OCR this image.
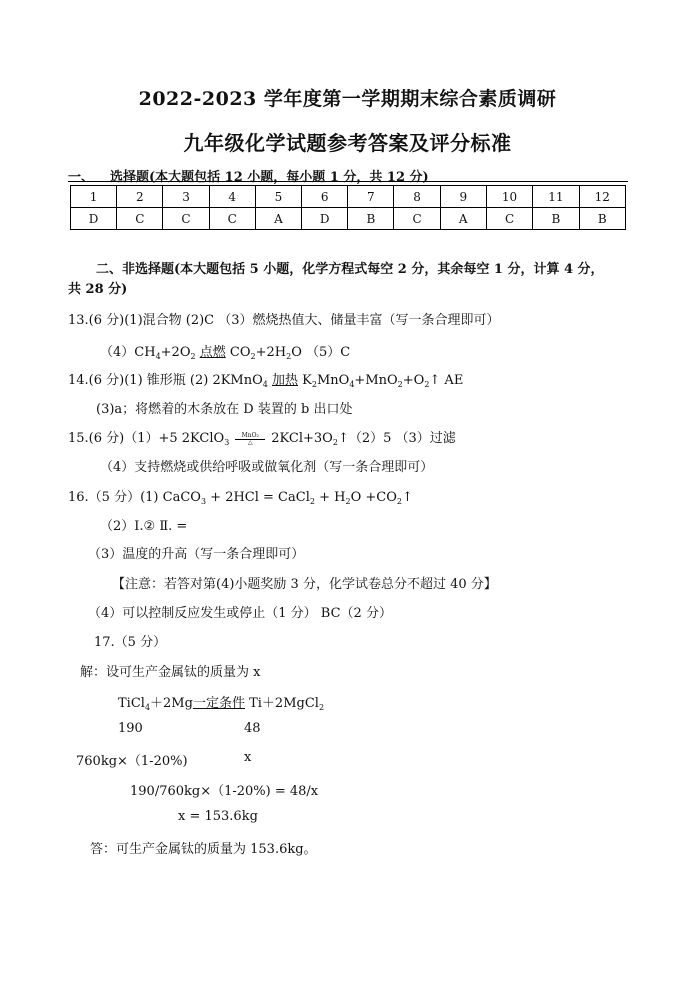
2022-2023 学年度第一学期期末综合素质调研
九年级化学试题参考答案及评分标准
一、 选择题(本大题包括 12 小题，每小题 1 分，共 12 分)
1	2	3	4	5	6	7	8	9	10	11	12
D	C	C	C	A	D	B	C	A	C	B	B
二、非选择题(本大题包括 5 小题，化学方程式每空 2 分，其余每空 1 分，计算 4 分，
共 28 分)
13.(6 分)(1)混合物 (2)C （3）燃烧热值大、储量丰富（写一条合理即可）
$(4)CH_4+2O_2$ 点燃 $CO_2+2H_2O$ （5）C
14.(6 分)(1) 锥形瓶 (2) 2KMnO$_4$ 加热 $K_2MnO_4+MnO_2+O_2↑$ AE
(3)a；将燃着的木条放在 D 装置的 b 出口处
15.(6 分)（1）+5 2KClO$_3$
MnO₂
△	$2KCl+3O_2↑(2)5$ （3）过滤
（4）支持燃烧或供给呼吸或做氧化剂（写一条合理即可）
16.（5 分）(1) CaCO$_3$ + 2HCl = CaCl$_2$ + $H_2O$ $+CO_2↑$
（2）Ⅰ.② Ⅱ. =
（3）温度的升高（写一条合理即可）
【注意：若答对第(4)小题奖励 3 分，化学试卷总分不超过 40 分】
（4）可以控制反应发生或停止（1 分） BC（2 分）
17.（5 分）
解：设可生产金属钛的质量为 x
TiCl$_4$＋2Mg一定条件 Ti＋2MgCl$_2$
190	48
760kg×（1-20%)	x
190/760kg×（1-20%) = 48/x
x = 153.6kg
答：可生产金属钛的质量为 153.6kg。
